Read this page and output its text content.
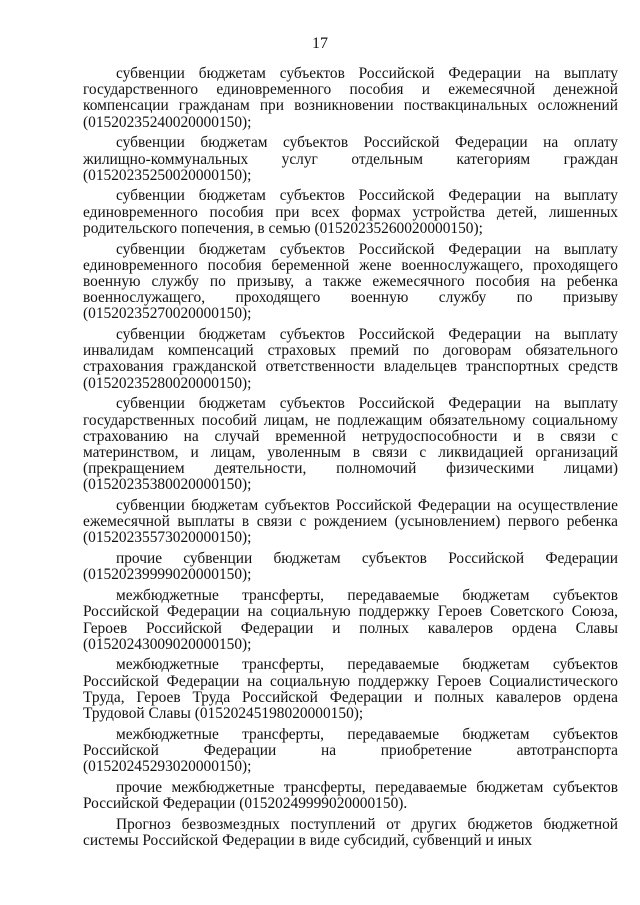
17

субвенции бюджетам субъектов Российской Федерации на выплату государственного единовременного пособия и ежемесячной денежной компенсации гражданам при возникновении поствакцинальных осложнений (01520235240020000150);

субвенции бюджетам субъектов Российской Федерации на оплату жилищно-коммунальных услуг отдельным категориям граждан (01520235250020000150);

субвенции бюджетам субъектов Российской Федерации на выплату единовременного пособия при всех формах устройства детей, лишенных родительского попечения, в семью (01520235260020000150);

субвенции бюджетам субъектов Российской Федерации на выплату единовременного пособия беременной жене военнослужащего, проходящего военную службу по призыву, а также ежемесячного пособия на ребенка военнослужащего, проходящего военную службу по призыву (01520235270020000150);

субвенции бюджетам субъектов Российской Федерации на выплату инвалидам компенсаций страховых премий по договорам обязательного страхования гражданской ответственности владельцев транспортных средств (01520235280020000150);

субвенции бюджетам субъектов Российской Федерации на выплату государственных пособий лицам, не подлежащим обязательному социальному страхованию на случай временной нетрудоспособности и в связи с материнством, и лицам, уволенным в связи с ликвидацией организаций (прекращением деятельности, полномочий физическими лицами) (01520235380020000150);

субвенции бюджетам субъектов Российской Федерации на осуществление ежемесячной выплаты в связи с рождением (усыновлением) первого ребенка (01520235573020000150);

прочие субвенции бюджетам субъектов Российской Федерации (01520239999020000150);

межбюджетные трансферты, передаваемые бюджетам субъектов Российской Федерации на социальную поддержку Героев Советского Союза, Героев Российской Федерации и полных кавалеров ордена Славы (01520243009020000150);

межбюджетные трансферты, передаваемые бюджетам субъектов Российской Федерации на социальную поддержку Героев Социалистического Труда, Героев Труда Российской Федерации и полных кавалеров ордена Трудовой Славы (01520245198020000150);

межбюджетные трансферты, передаваемые бюджетам субъектов Российской Федерации на приобретение автотранспорта (01520245293020000150);

прочие межбюджетные трансферты, передаваемые бюджетам субъектов Российской Федерации (01520249999020000150).

Прогноз безвозмездных поступлений от других бюджетов бюджетной системы Российской Федерации в виде субсидий, субвенций и иных
